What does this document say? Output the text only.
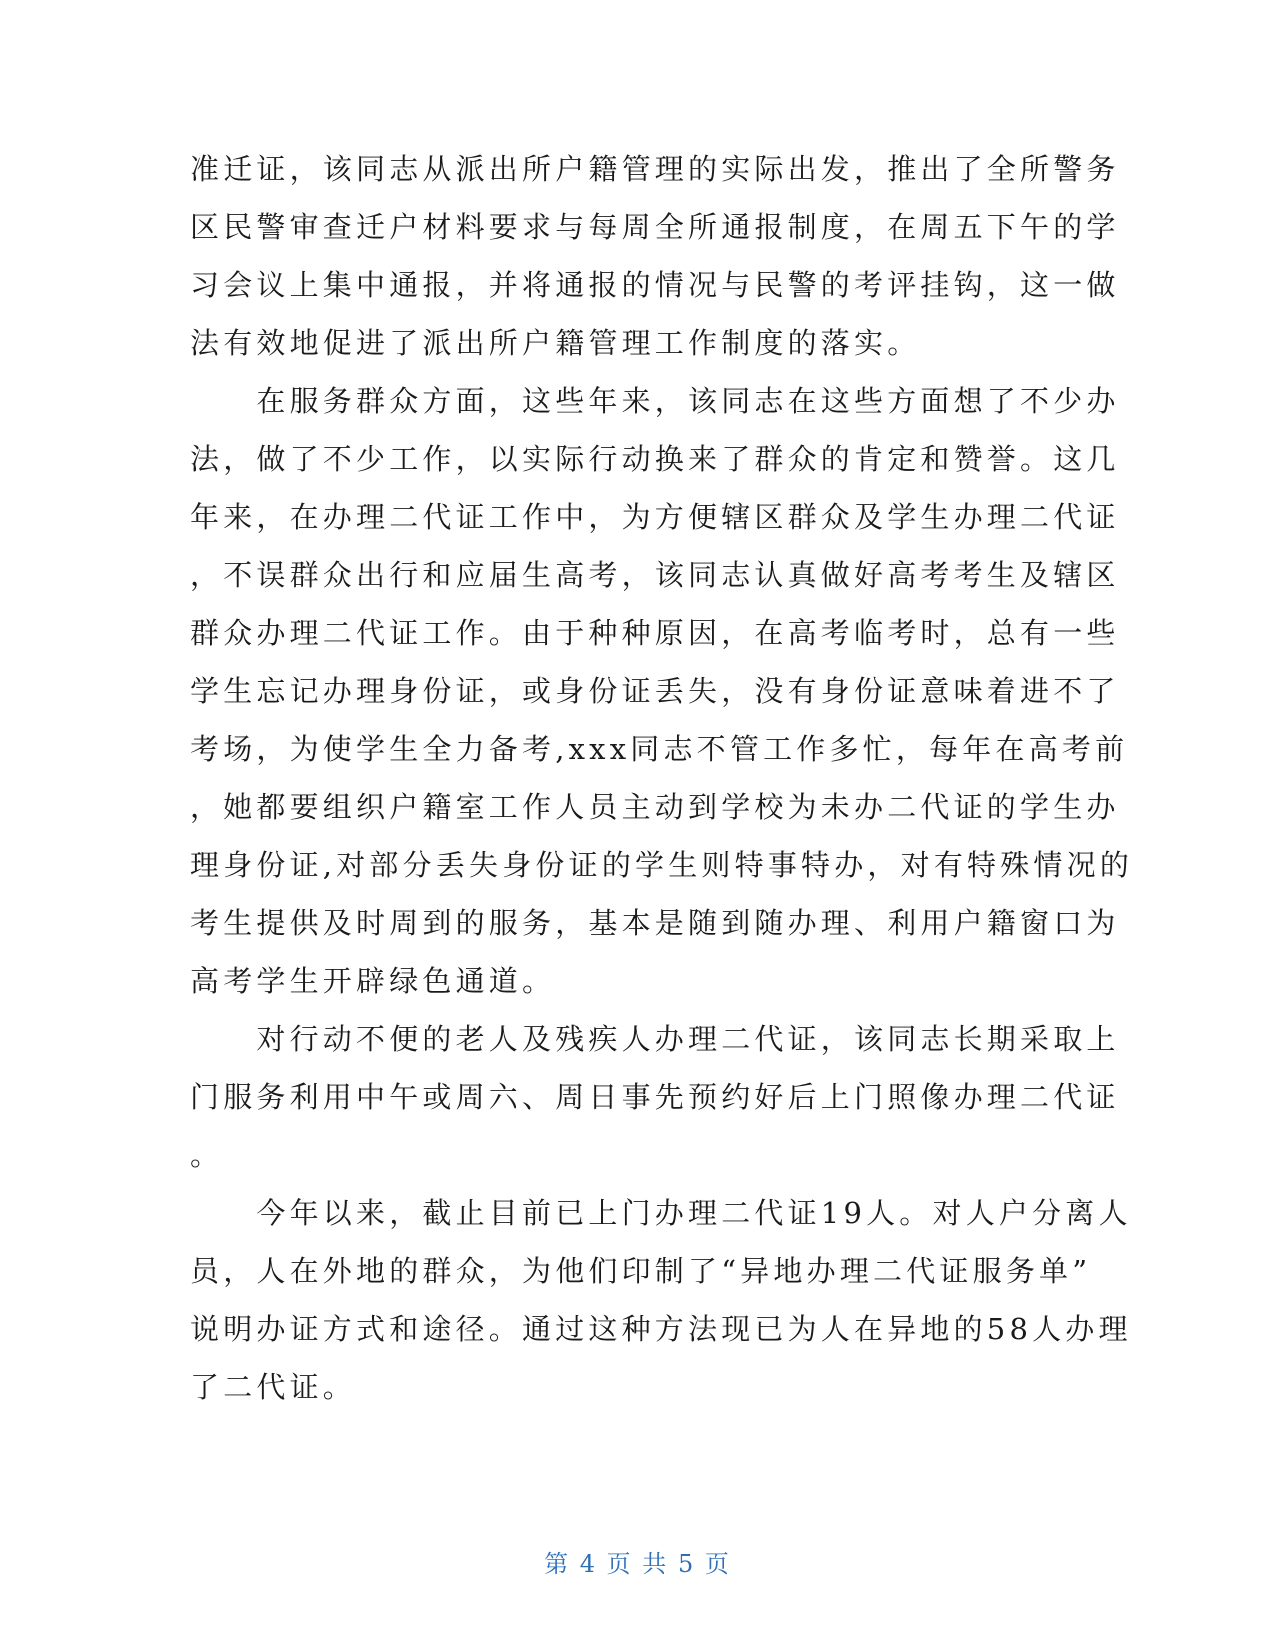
准迁证，该同志从派出所户籍管理的实际出发，推出了全所警务
区民警审查迁户材料要求与每周全所通报制度，在周五下午的学
习会议上集中通报，并将通报的情况与民警的考评挂钩，这一做
法有效地促进了派出所户籍管理工作制度的落实。
　　在服务群众方面，这些年来，该同志在这些方面想了不少办
法，做了不少工作，以实际行动换来了群众的肯定和赞誉。这几
年来，在办理二代证工作中，为方便辖区群众及学生办理二代证
，不误群众出行和应届生高考，该同志认真做好高考考生及辖区
群众办理二代证工作。由于种种原因，在高考临考时，总有一些
学生忘记办理身份证，或身份证丢失，没有身份证意味着进不了
考场，为使学生全力备考,xxx同志不管工作多忙，每年在高考前
，她都要组织户籍室工作人员主动到学校为未办二代证的学生办
理身份证,对部分丢失身份证的学生则特事特办，对有特殊情况的
考生提供及时周到的服务，基本是随到随办理、利用户籍窗口为
高考学生开辟绿色通道。
　　对行动不便的老人及残疾人办理二代证，该同志长期采取上
门服务利用中午或周六、周日事先预约好后上门照像办理二代证
。
　　今年以来，截止目前已上门办理二代证19人。对人户分离人
员，人在外地的群众，为他们印制了“异地办理二代证服务单”
说明办证方式和途径。通过这种方法现已为人在异地的58人办理
了二代证。
第 4 页 共 5 页
